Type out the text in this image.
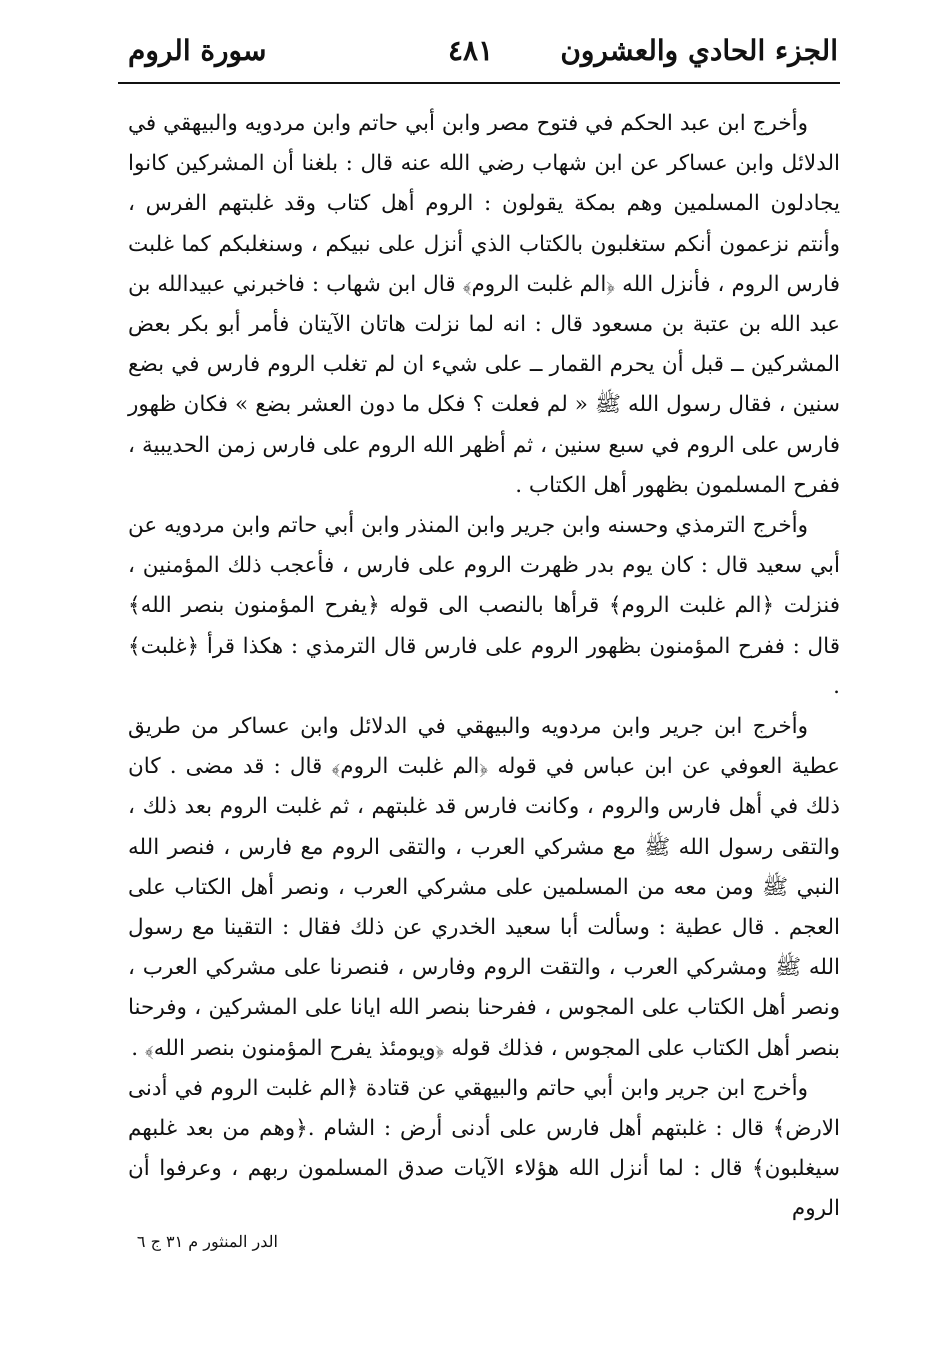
الجزء الحادي والعشرون
٤٨١
سورة الروم

وأخرج ابن عبد الحكم في فتوح مصر وابن أبي حاتم وابن مردويه والبيهقي في الدلائل وابن عساكر عن ابن شهاب رضي الله عنه قال : بلغنا أن المشركين كانوا يجادلون المسلمين وهم بمكة يقولون : الروم أهل كتاب وقد غلبتهم الفرس ، وأنتم نزعمون أنكم ستغلبون بالكتاب الذي أنزل على نبيكم ، وسنغلبكم كما غلبت فارس الروم ، فأنزل الله ﴿الم غلبت الروم﴾ قال ابن شهاب : فاخبرني عبيدالله بن عبد الله بن عتبة بن مسعود قال : انه لما نزلت هاتان الآيتان فأمر أبو بكر بعض المشركين ــ قبل أن يحرم القمار ــ على شيء ان لم تغلب الروم فارس في بضع سنين ، فقال رسول الله ﷺ « لم فعلت ؟ فكل ما دون العشر بضع » فكان ظهور فارس على الروم في سبع سنين ، ثم أظهر الله الروم على فارس زمن الحديبية ، ففرح المسلمون بظهور أهل الكتاب .

وأخرج الترمذي وحسنه وابن جرير وابن المنذر وابن أبي حاتم وابن مردويه عن أبي سعيد قال : كان يوم بدر ظهرت الروم على فارس ، فأعجب ذلك المؤمنين ، فنزلت ﴿الم غلبت الروم﴾ قرأها بالنصب الى قوله ﴿يفرح المؤمنون بنصر الله﴾ قال : ففرح المؤمنون بظهور الروم على فارس قال الترمذي : هكذا قرأ ﴿غلبت﴾ .

وأخرج ابن جرير وابن مردويه والبيهقي في الدلائل وابن عساكر من طريق عطية العوفي عن ابن عباس في قوله ﴿الم غلبت الروم﴾ قال : قد مضى . كان ذلك في أهل فارس والروم ، وكانت فارس قد غلبتهم ، ثم غلبت الروم بعد ذلك ، والتقى رسول الله ﷺ مع مشركي العرب ، والتقى الروم مع فارس ، فنصر الله النبي ﷺ ومن معه من المسلمين على مشركي العرب ، ونصر أهل الكتاب على العجم . قال عطية : وسألت أبا سعيد الخدري عن ذلك فقال : التقينا مع رسول الله ﷺ ومشركي العرب ، والتقت الروم وفارس ، فنصرنا على مشركي العرب ، ونصر أهل الكتاب على المجوس ، ففرحنا بنصر الله ايانا على المشركين ، وفرحنا بنصر أهل الكتاب على المجوس ، فذلك قوله ﴿ويومئذ يفرح المؤمنون بنصر الله﴾ .

وأخرج ابن جرير وابن أبي حاتم والبيهقي عن قتادة ﴿الم غلبت الروم في أدنى الارض﴾ قال : غلبتهم أهل فارس على أدنى أرض : الشام .﴿وهم من بعد غلبهم سيغلبون﴾ قال : لما أنزل الله هؤلاء الآيات صدق المسلمون ربهم ، وعرفوا أن الروم

الدر المنثور م ٣١ ج ٦
